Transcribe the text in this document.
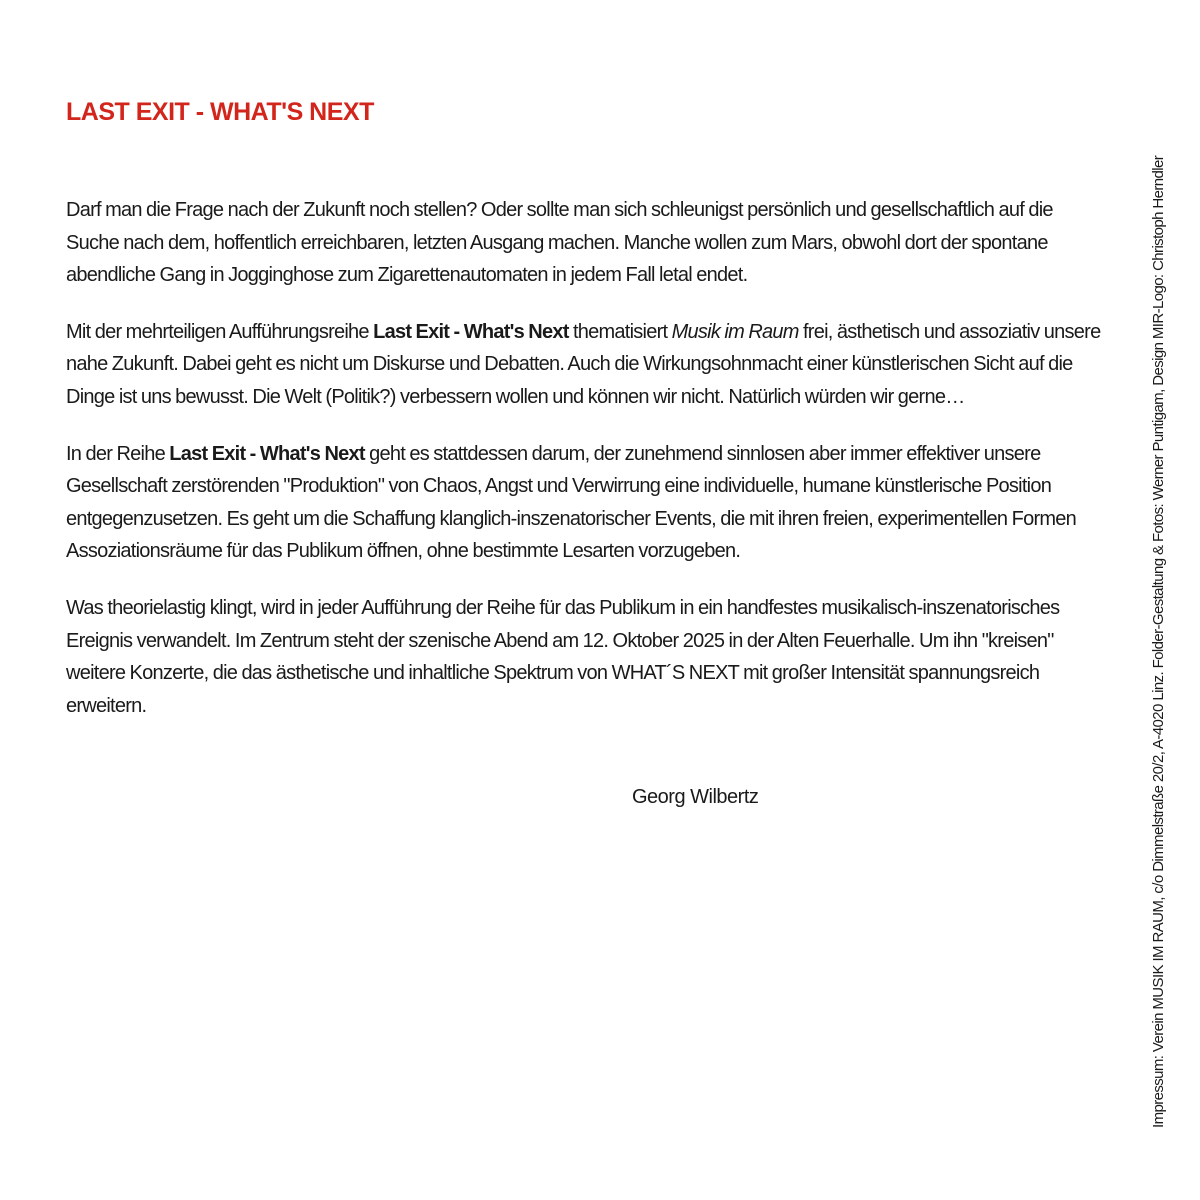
LAST EXIT - WHAT'S NEXT

Darf man die Frage nach der Zukunft noch stellen? Oder sollte man sich schleunigst persönlich und gesellschaftlich auf die Suche nach dem, hoffentlich erreichbaren, letzten Ausgang machen. Manche wollen zum Mars, obwohl dort der spontane abendliche Gang in Jogginghose zum Zigarettenautomaten in jedem Fall letal endet.

Mit der mehrteiligen Aufführungsreihe Last Exit - What's Next thematisiert Musik im Raum frei, ästhetisch und assoziativ unsere nahe Zukunft. Dabei geht es nicht um Diskurse und Debatten. Auch die Wirkungsohnmacht einer künstlerischen Sicht auf die Dinge ist uns bewusst. Die Welt (Politik?) verbessern wollen und können wir nicht. Natürlich würden wir gerne…

In der Reihe Last Exit - What's Next geht es stattdessen darum, der zunehmend sinnlosen aber immer effektiver unsere Gesellschaft zerstörenden "Produktion" von Chaos, Angst und Verwirrung eine individuelle, humane künstlerische Position entgegenzusetzen. Es geht um die Schaffung klanglich-inszenatorischer Events, die mit ihren freien, experimentellen Formen Assoziationsräume für das Publikum öffnen, ohne bestimmte Lesarten vorzugeben.

Was theorielastig klingt, wird in jeder Aufführung der Reihe für das Publikum in ein handfestes musikalisch-inszenatorisches Ereignis verwandelt. Im Zentrum steht der szenische Abend am 12. Oktober 2025 in der Alten Feuerhalle. Um ihn "kreisen" weitere Konzerte, die das ästhetische und inhaltliche Spektrum von WHAT´S NEXT mit großer Intensität spannungsreich erweitern.

Georg Wilbertz	Impressum: Verein MUSIK IM RAUM, c/o Dimmelstraße 20/2, A-4020 Linz. Folder-Gestaltung & Fotos: Werner Puntigam, Design MIR-Logo: Christoph Herndler
